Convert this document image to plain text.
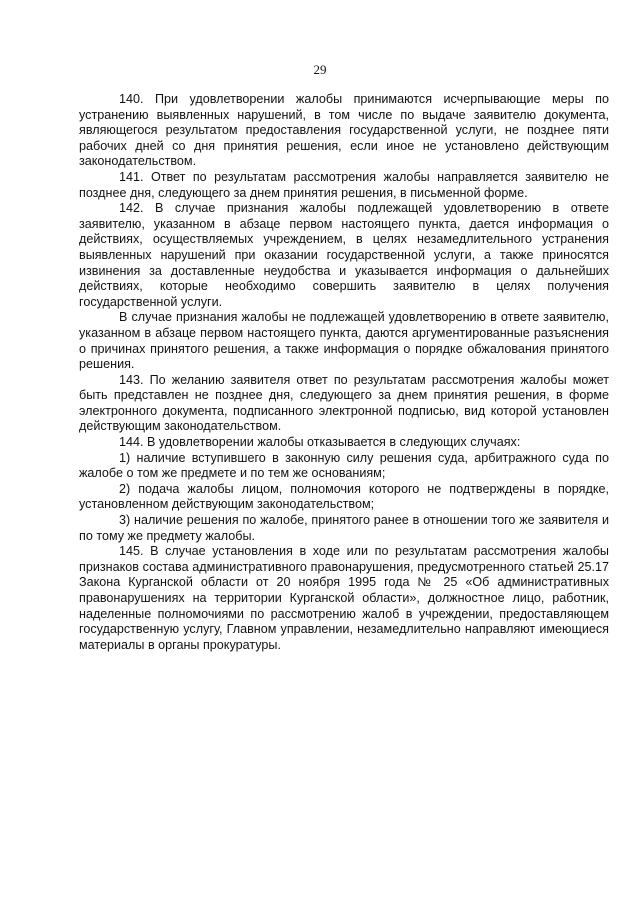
29

140. При удовлетворении жалобы принимаются исчерпывающие меры по устранению выявленных нарушений, в том числе по выдаче заявителю документа, являющегося результатом предоставления государственной услуги, не позднее пяти рабочих дней со дня принятия решения, если иное не установлено действующим законодательством.

141. Ответ по результатам рассмотрения жалобы направляется заявителю не позднее дня, следующего за днем принятия решения, в письменной форме.

142. В случае признания жалобы подлежащей удовлетворению в ответе заявителю, указанном в абзаце первом настоящего пункта, дается информация о действиях, осуществляемых учреждением, в целях незамедлительного устранения выявленных нарушений при оказании государственной услуги, а также приносятся извинения за доставленные неудобства и указывается информация о дальнейших действиях, которые необходимо совершить заявителю в целях получения государственной услуги.

В случае признания жалобы не подлежащей удовлетворению в ответе заявителю, указанном в абзаце первом настоящего пункта, даются аргументированные разъяснения о причинах принятого решения, а также информация о порядке обжалования принятого решения.

143. По желанию заявителя ответ по результатам рассмотрения жалобы может быть представлен не позднее дня, следующего за днем принятия решения, в форме электронного документа, подписанного электронной подписью, вид которой установлен действующим законодательством.

144. В удовлетворении жалобы отказывается в следующих случаях:

1) наличие вступившего в законную силу решения суда, арбитражного суда по жалобе о том же предмете и по тем же основаниям;

2) подача жалобы лицом, полномочия которого не подтверждены в порядке, установленном действующим законодательством;

3) наличие решения по жалобе, принятого ранее в отношении того же заявителя и по тому же предмету жалобы.

145. В случае установления в ходе или по результатам рассмотрения жалобы признаков состава административного правонарушения, предусмотренного статьей 25.17 Закона Курганской области от 20 ноября 1995 года № 25 «Об административных правонарушениях на территории Курганской области», должностное лицо, работник, наделенные полномочиями по рассмотрению жалоб в учреждении, предоставляющем государственную услугу, Главном управлении, незамедлительно направляют имеющиеся материалы в органы прокуратуры.
